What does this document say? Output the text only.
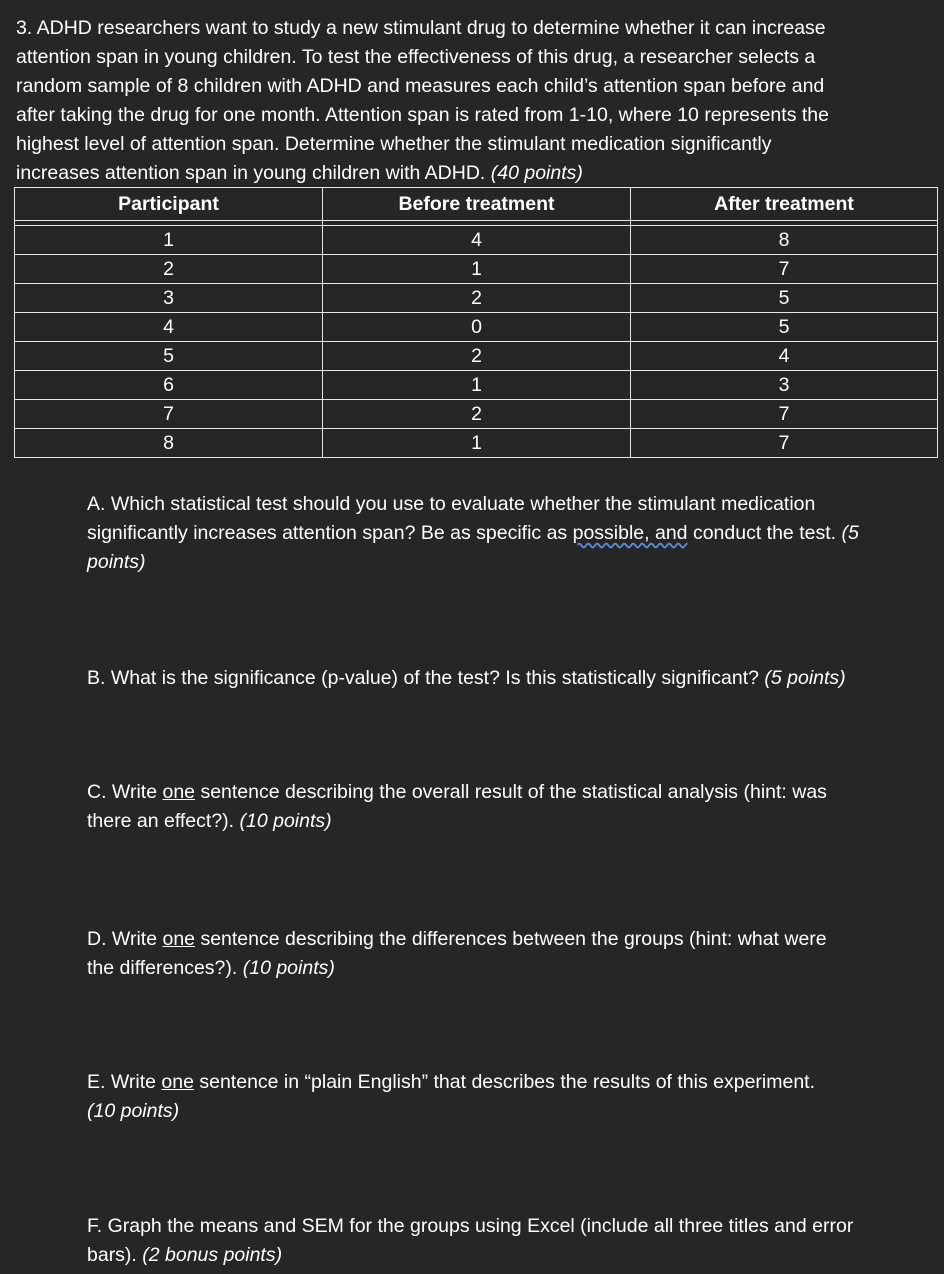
3. ADHD researchers want to study a new stimulant drug to determine whether it can increase
attention span in young children. To test the effectiveness of this drug, a researcher selects a
random sample of 8 children with ADHD and measures each child’s attention span before and
after taking the drug for one month. Attention span is rated from 1-10, where 10 represents the
highest level of attention span. Determine whether the stimulant medication significantly
increases attention span in young children with ADHD. (40 points)
Participant	Before treatment	After treatment

1	4	8
2	1	7
3	2	5
4	0	5
5	2	4
6	1	3
7	2	7
8	1	7
A. Which statistical test should you use to evaluate whether the stimulant medication
significantly increases attention span? Be as specific as possible, and conduct the test. (5
points)
B. What is the significance (p-value) of the test? Is this statistically significant? (5 points)
C. Write one sentence describing the overall result of the statistical analysis (hint: was
there an effect?). (10 points)
D. Write one sentence describing the differences between the groups (hint: what were
the differences?). (10 points)
E. Write one sentence in “plain English” that describes the results of this experiment.
(10 points)
F. Graph the means and SEM for the groups using Excel (include all three titles and error
bars). (2 bonus points)
